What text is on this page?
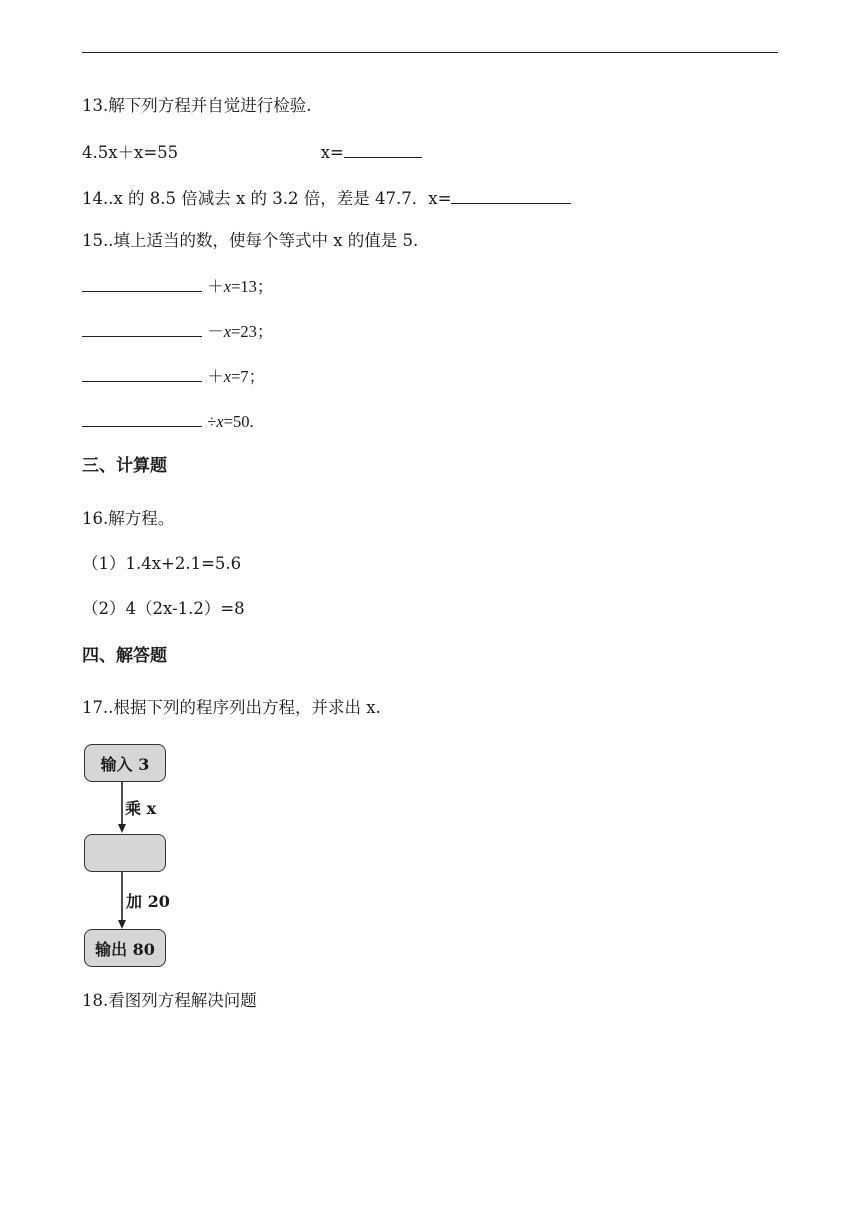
13.解下列方程并自觉进行检验.
4.5x＋x=55	x=
14..x 的 8.5 倍减去 x 的 3.2 倍，差是 47.7．x=
15..填上适当的数，使每个等式中 x 的值是 5.
＋x=13；
－x=23；
＋x=7；
÷x=50.
三、计算题
16.解方程。
（1）1.4x+2.1=5.6
（2）4（2x-1.2）=8
四、解答题
17..根据下列的程序列出方程，并求出 x.
输入 3
乘 x
加 20
输出 80
18.看图列方程解决问题
